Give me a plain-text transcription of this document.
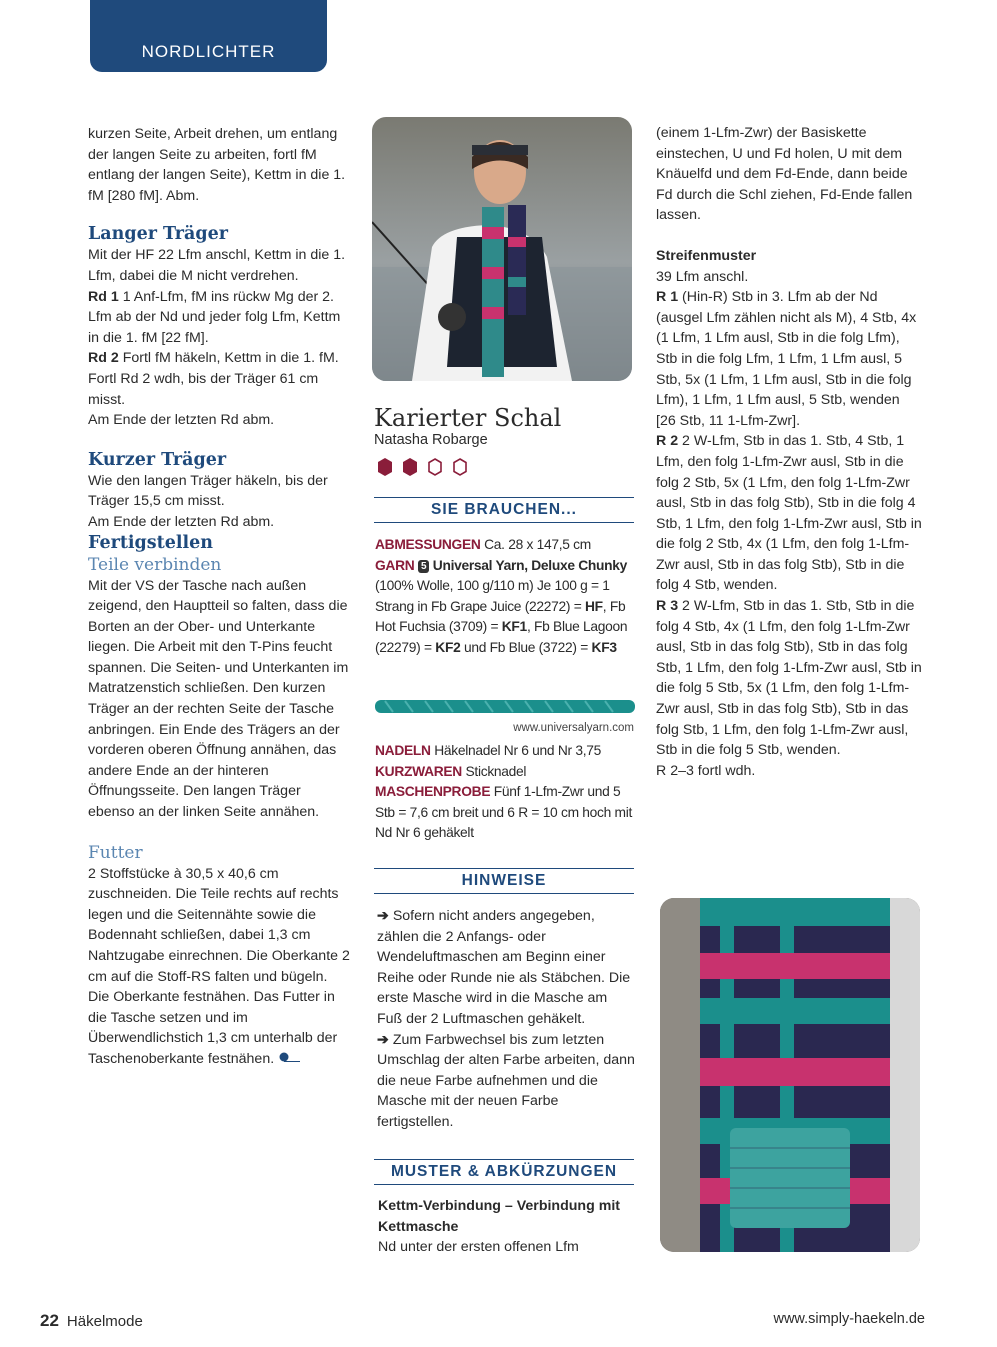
NORDLICHTER

kurzen Seite, Arbeit drehen, um entlang der langen Seite zu arbeiten, fortl fM entlang der langen Seite), Kettm in die 1. fM [280 fM]. Abm.

Langer Träger

Mit der HF 22 Lfm anschl, Kettm in die 1. Lfm, dabei die M nicht verdrehen.

Rd 1 1 Anf-Lfm, fM ins rückw Mg der 2. Lfm ab der Nd und jeder folg Lfm, Kettm in die 1. fM [22 fM].

Rd 2 Fortl fM häkeln, Kettm in die 1. fM.

Fortl Rd 2 wdh, bis der Träger 61 cm misst.

Am Ende der letzten Rd abm.

Kurzer Träger

Wie den langen Träger häkeln, bis der Träger 15,5 cm misst.

Am Ende der letzten Rd abm.

Fertigstellen
Teile verbinden

Mit der VS der Tasche nach außen zeigend, den Hauptteil so falten, dass die Borten an der Ober- und Unterkante liegen. Die Arbeit mit den T-Pins feucht spannen. Die Seiten- und Unterkanten im Matratzenstich schließen. Den kurzen Träger an der rechten Seite der Tasche anbringen. Ein Ende des Trägers an der vorderen oberen Öffnung annähen, das andere Ende an der hinteren Öffnungsseite. Den langen Träger ebenso an der linken Seite annähen.

Futter

2 Stoffstücke à 30,5 x 40,6 cm zuschneiden. Die Teile rechts auf rechts legen und die Seitennähte sowie die Bodennaht schließen, dabei 1,3 cm Nahtzugabe einrechnen. Die Oberkante 2 cm auf die Stoff-RS falten und bügeln. Die Oberkante festnähen. Das Futter in die Tasche setzen und im Überwendlichstich 1,3 cm unterhalb der Taschenoberkante festnähen.

Karierter Schal
Natasha Robarge
SIE BRAUCHEN...

ABMESSUNGEN Ca. 28 x 147,5 cm

GARN 5 Universal Yarn, Deluxe Chunky (100% Wolle, 100 g/110 m) Je 100 g = 1 Strang in Fb Grape Juice (22272) = HF, Fb Hot Fuchsia (3709) = KF1, Fb Blue Lagoon (22279) = KF2 und Fb Blue (3722) = KF3

www.universalyarn.com

NADELN Häkelnadel Nr 6 und Nr 3,75

KURZWAREN Sticknadel

MASCHENPROBE Fünf 1-Lfm-Zwr und 5 Stb = 7,6 cm breit und 6 R = 10 cm hoch mit Nd Nr 6 gehäkelt

HINWEISE

➔ Sofern nicht anders angegeben, zählen die 2 Anfangs- oder Wendeluftmaschen am Beginn einer Reihe oder Runde nie als Stäbchen. Die erste Masche wird in die Masche am Fuß der 2 Luftmaschen gehäkelt.

➔ Zum Farbwechsel bis zum letzten Umschlag der alten Farbe arbeiten, dann die neue Farbe aufnehmen und die Masche mit der neuen Farbe fertigstellen.

MUSTER & ABKÜRZUNGEN

Kettm-Verbindung – Verbindung mit Kettmasche

Nd unter der ersten offenen Lfm

(einem 1-Lfm-Zwr) der Basiskette einstechen, U und Fd holen, U mit dem Knäuelfd und dem Fd-Ende, dann beide Fd durch die Schl ziehen, Fd-Ende fallen lassen.

Streifenmuster

39 Lfm anschl.

R 1 (Hin-R) Stb in 3. Lfm ab der Nd (ausgel Lfm zählen nicht als M), 4 Stb, 4x (1 Lfm, 1 Lfm ausl, Stb in die folg Lfm), Stb in die folg Lfm, 1 Lfm, 1 Lfm ausl, 5 Stb, 5x (1 Lfm, 1 Lfm ausl, Stb in die folg Lfm), 1 Lfm, 1 Lfm ausl, 5 Stb, wenden [26 Stb, 11 1-Lfm-Zwr].

R 2 2 W-Lfm, Stb in das 1. Stb, 4 Stb, 1 Lfm, den folg 1-Lfm-Zwr ausl, Stb in die folg 2 Stb, 5x (1 Lfm, den folg 1-Lfm-Zwr ausl, Stb in das folg Stb), Stb in die folg 4 Stb, 1 Lfm, den folg 1-Lfm-Zwr ausl, Stb in die folg 2 Stb, 4x (1 Lfm, den folg 1-Lfm-Zwr ausl, Stb in das folg Stb), Stb in die folg 4 Stb, wenden.

R 3 2 W-Lfm, Stb in das 1. Stb, Stb in die folg 4 Stb, 4x (1 Lfm, den folg 1-Lfm-Zwr ausl, Stb in das folg Stb), Stb in das folg Stb, 1 Lfm, den folg 1-Lfm-Zwr ausl, Stb in die folg 5 Stb, 5x (1 Lfm, den folg 1-Lfm-Zwr ausl, Stb in das folg Stb), Stb in das folg Stb, 1 Lfm, den folg 1-Lfm-Zwr ausl, Stb in die folg 5 Stb, wenden.

R 2–3 fortl wdh.

22 Häkelmode	www.simply-haekeln.de
